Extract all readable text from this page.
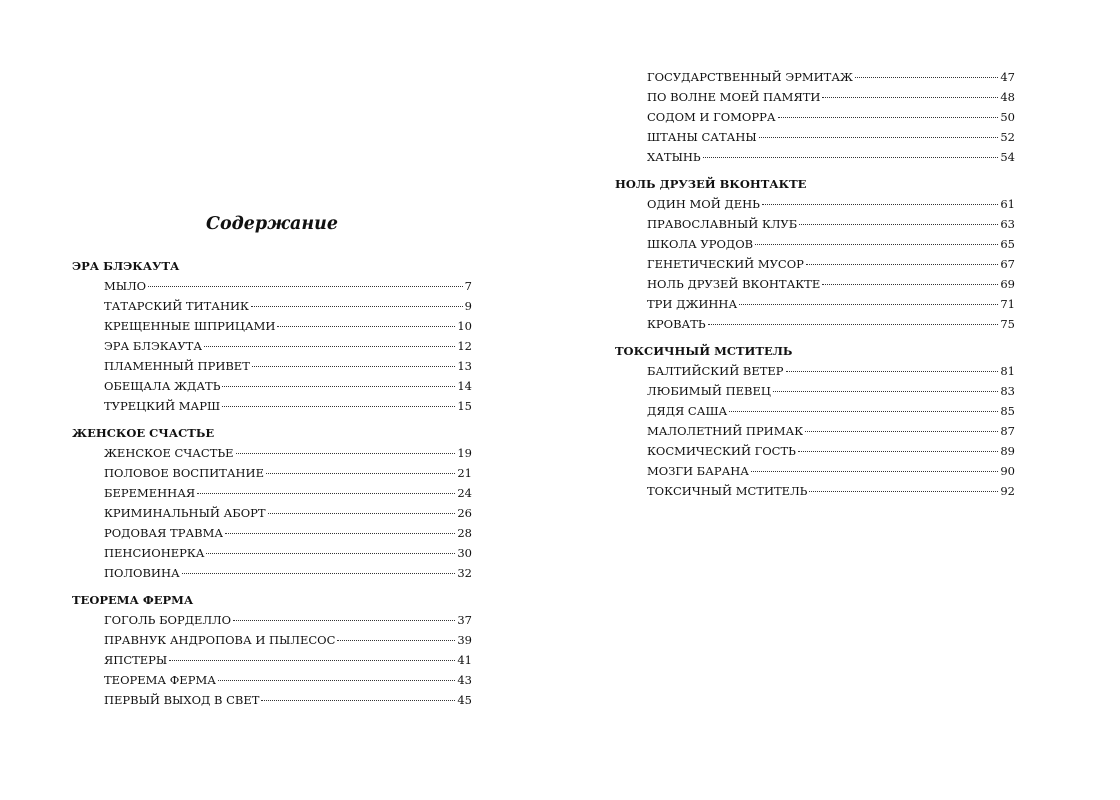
Содержание
ЭРА БЛЭКАУТА
МЫЛО	7
ТАТАРСКИЙ ТИТАНИК	9
КРЕЩЕННЫЕ ШПРИЦАМИ	10
ЭРА БЛЭКАУТА	12
ПЛАМЕННЫЙ ПРИВЕТ	13
ОБЕЩАЛА ЖДАТЬ	14
ТУРЕЦКИЙ МАРШ	15
ЖЕНСКОЕ СЧАСТЬЕ
ЖЕНСКОЕ СЧАСТЬЕ	19
ПОЛОВОЕ ВОСПИТАНИЕ	21
БЕРЕМЕННАЯ	24
КРИМИНАЛЬНЫЙ АБОРТ	26
РОДОВАЯ ТРАВМА	28
ПЕНСИОНЕРКА	30
ПОЛОВИНА	32
ТЕОРЕМА ФЕРМА
ГОГОЛЬ БОРДЕЛЛО	37
ПРАВНУК АНДРОПОВА И ПЫЛЕСОС	39
ЯПСТЕРЫ	41
ТЕОРЕМА ФЕРМА	43
ПЕРВЫЙ ВЫХОД В СВЕТ	45
ГОСУДАРСТВЕННЫЙ ЭРМИТАЖ	47
ПО ВОЛНЕ МОЕЙ ПАМЯТИ	48
СОДОМ И ГОМОРРА	50
ШТАНЫ САТАНЫ	52
ХАТЫНЬ	54
НОЛЬ ДРУЗЕЙ ВКОНТАКТЕ
ОДИН МОЙ ДЕНЬ	61
ПРАВОСЛАВНЫЙ КЛУБ	63
ШКОЛА УРОДОВ	65
ГЕНЕТИЧЕСКИЙ МУСОР	67
НОЛЬ ДРУЗЕЙ ВКОНТАКТЕ	69
ТРИ ДЖИННА	71
КРОВАТЬ	75
ТОКСИЧНЫЙ МСТИТЕЛЬ
БАЛТИЙСКИЙ ВЕТЕР	81
ЛЮБИМЫЙ ПЕВЕЦ	83
ДЯДЯ САША	85
МАЛОЛЕТНИЙ ПРИМАК	87
КОСМИЧЕСКИЙ ГОСТЬ	89
МОЗГИ БАРАНА	90
ТОКСИЧНЫЙ МСТИТЕЛЬ	92
